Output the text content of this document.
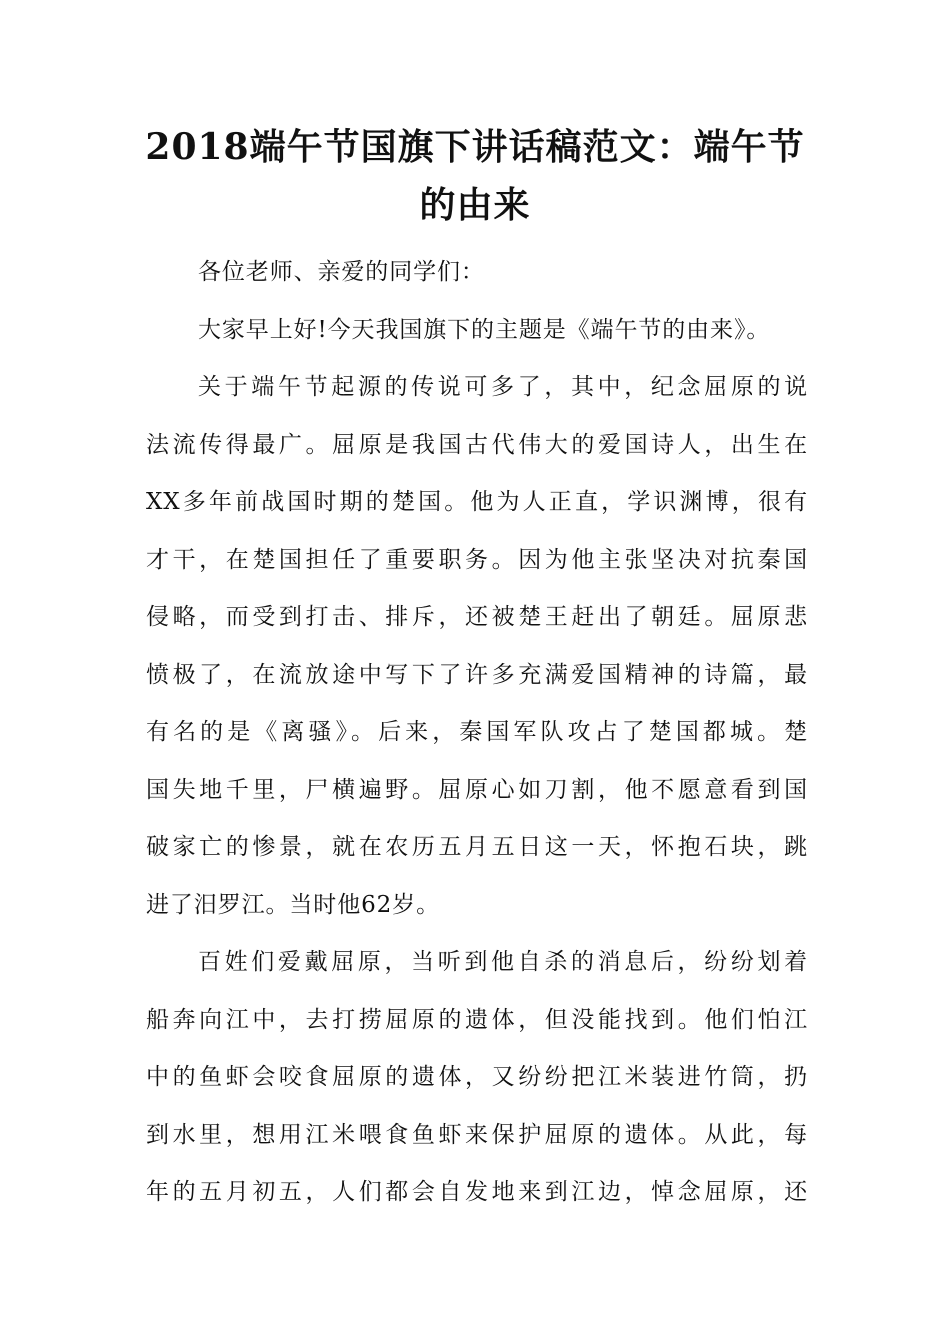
2018端午节国旗下讲话稿范文：端午节
的由来
各位老师、亲爱的同学们：
大家早上好!今天我国旗下的主题是《端午节的由来》。
关于端午节起源的传说可多了，其中，纪念屈原的说
法流传得最广。屈原是我国古代伟大的爱国诗人，出生在
XX多年前战国时期的楚国。他为人正直，学识渊博，很有
才干，在楚国担任了重要职务。因为他主张坚决对抗秦国
侵略，而受到打击、排斥，还被楚王赶出了朝廷。屈原悲
愤极了，在流放途中写下了许多充满爱国精神的诗篇，最
有名的是《离骚》。后来，秦国军队攻占了楚国都城。楚
国失地千里，尸横遍野。屈原心如刀割，他不愿意看到国
破家亡的惨景，就在农历五月五日这一天，怀抱石块，跳
进了汨罗江。当时他62岁。
百姓们爱戴屈原，当听到他自杀的消息后，纷纷划着
船奔向江中，去打捞屈原的遗体，但没能找到。他们怕江
中的鱼虾会咬食屈原的遗体，又纷纷把江米装进竹筒，扔
到水里，想用江米喂食鱼虾来保护屈原的遗体。从此，每
年的五月初五，人们都会自发地来到江边，悼念屈原，还
